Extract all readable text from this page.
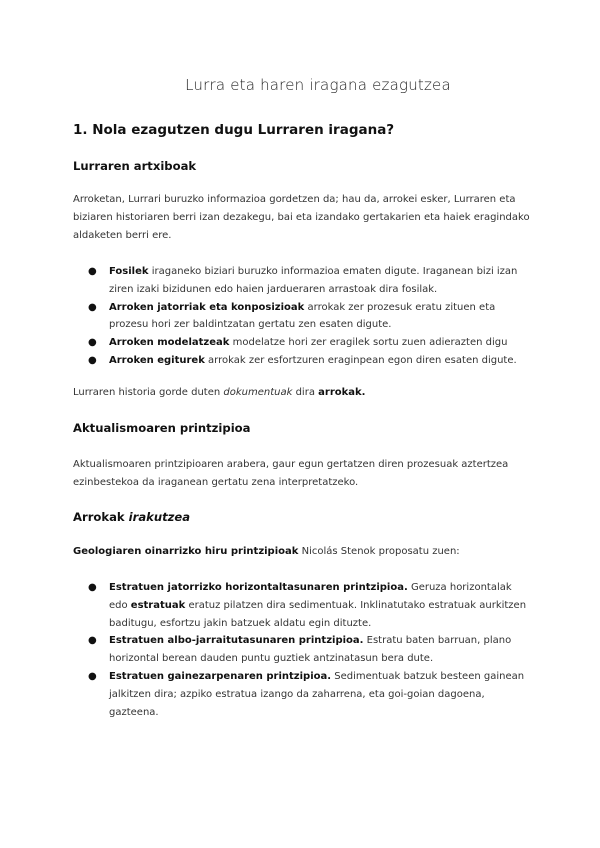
Lurra eta haren iragana ezagutzea
1. Nola ezagutzen dugu Lurraren iragana?
Lurraren artxiboak
Arroketan, Lurrari buruzko informazioa gordetzen da; hau da, arrokei esker, Lurraren eta biziaren historiaren berri izan dezakegu, bai eta izandako gertakarien eta haiek eragindako aldaketen berri ere.
● Fosilek iraganeko biziari buruzko informazioa ematen digute. Iraganean bizi izan ziren izaki bizidunen edo haien jardueraren arrastoak dira fosilak.
● Arroken jatorriak eta konposizioak arrokak zer prozesuk eratu zituen eta prozesu hori zer baldintzatan gertatu zen esaten digute.
● Arroken modelatzeak modelatze hori zer eragilek sortu zuen adierazten digu
● Arroken egiturek arrokak zer esfortzuren eraginpean egon diren esaten digute.
Lurraren historia gorde duten dokumentuak dira arrokak.
Aktualismoaren printzipioa
Aktualismoaren printzipioaren arabera, gaur egun gertatzen diren prozesuak aztertzea ezinbestekoa da iraganean gertatu zena interpretatzeko.
Arrokak irakutzea
Geologiaren oinarrizko hiru printzipioak Nicolás Stenok proposatu zuen:
● Estratuen jatorrizko horizontaltasunaren printzipioa. Geruza horizontalak edo estratuak eratuz pilatzen dira sedimentuak. Inklinatutako estratuak aurkitzen baditugu, esfortzu jakin batzuek aldatu egin dituzte.
● Estratuen albo-jarraitutasunaren printzipioa. Estratu baten barruan, plano horizontal berean dauden puntu guztiek antzinatasun bera dute.
● Estratuen gainezarpenaren printzipioa. Sedimentuak batzuk besteen gainean jalkitzen dira; azpiko estratua izango da zaharrena, eta goi-goian dagoena, gazteena.
